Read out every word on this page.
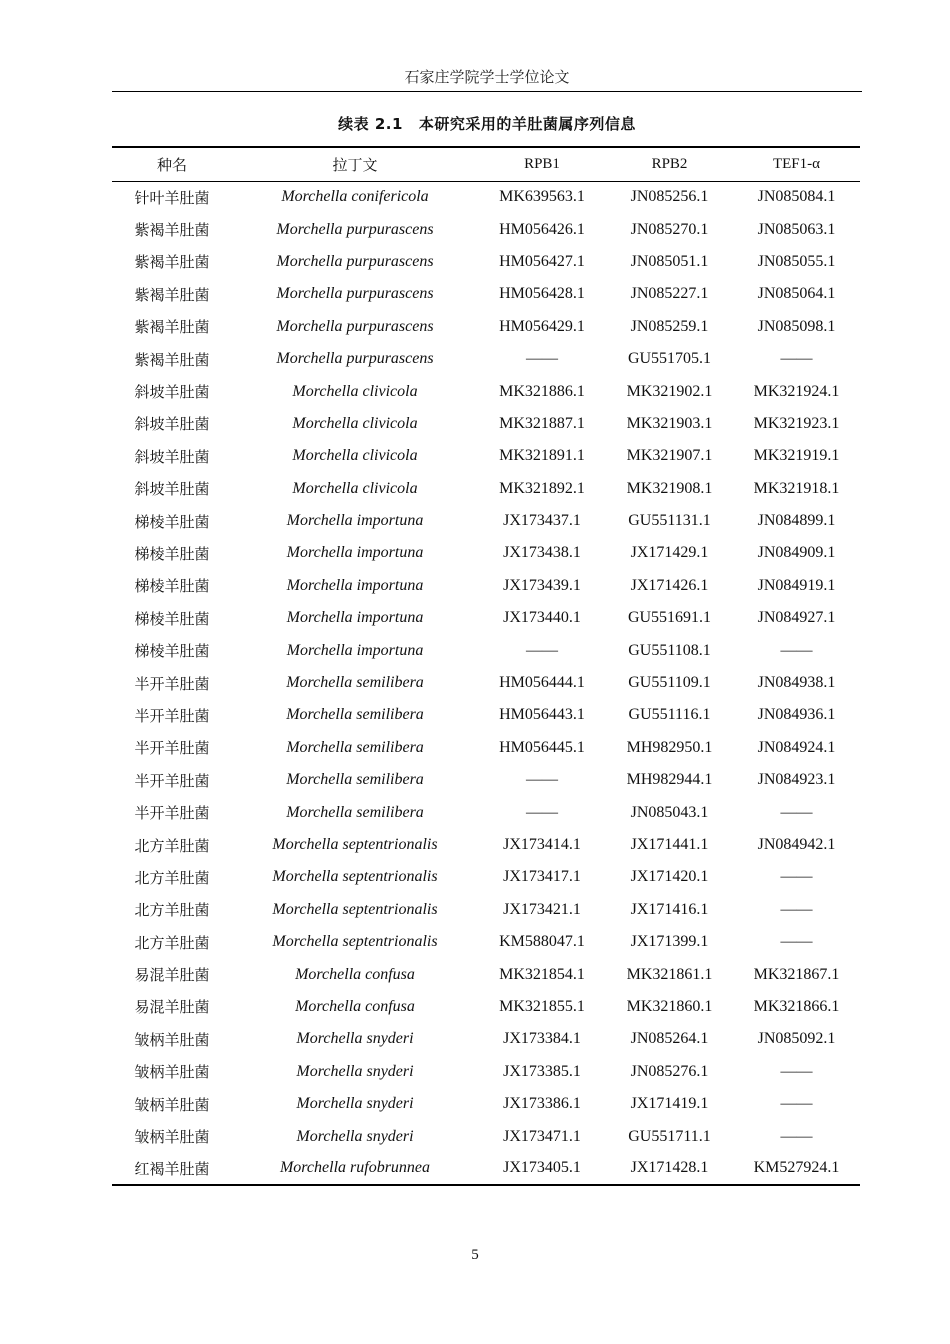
石家庄学院学士学位论文
续表 2.1 本研究采用的羊肚菌属序列信息
种名	拉丁文	RPB1	RPB2	TEF1-α
针叶羊肚菌	Morchella conifericola	MK639563.1	JN085256.1	JN085084.1
紫褐羊肚菌	Morchella purpurascens	HM056426.1	JN085270.1	JN085063.1
紫褐羊肚菌	Morchella purpurascens	HM056427.1	JN085051.1	JN085055.1
紫褐羊肚菌	Morchella purpurascens	HM056428.1	JN085227.1	JN085064.1
紫褐羊肚菌	Morchella purpurascens	HM056429.1	JN085259.1	JN085098.1
紫褐羊肚菌	Morchella purpurascens	——	GU551705.1	——
斜坡羊肚菌	Morchella clivicola	MK321886.1	MK321902.1	MK321924.1
斜坡羊肚菌	Morchella clivicola	MK321887.1	MK321903.1	MK321923.1
斜坡羊肚菌	Morchella clivicola	MK321891.1	MK321907.1	MK321919.1
斜坡羊肚菌	Morchella clivicola	MK321892.1	MK321908.1	MK321918.1
梯棱羊肚菌	Morchella importuna	JX173437.1	GU551131.1	JN084899.1
梯棱羊肚菌	Morchella importuna	JX173438.1	JX171429.1	JN084909.1
梯棱羊肚菌	Morchella importuna	JX173439.1	JX171426.1	JN084919.1
梯棱羊肚菌	Morchella importuna	JX173440.1	GU551691.1	JN084927.1
梯棱羊肚菌	Morchella importuna	——	GU551108.1	——
半开羊肚菌	Morchella semilibera	HM056444.1	GU551109.1	JN084938.1
半开羊肚菌	Morchella semilibera	HM056443.1	GU551116.1	JN084936.1
半开羊肚菌	Morchella semilibera	HM056445.1	MH982950.1	JN084924.1
半开羊肚菌	Morchella semilibera	——	MH982944.1	JN084923.1
半开羊肚菌	Morchella semilibera	——	JN085043.1	——
北方羊肚菌	Morchella septentrionalis	JX173414.1	JX171441.1	JN084942.1
北方羊肚菌	Morchella septentrionalis	JX173417.1	JX171420.1	——
北方羊肚菌	Morchella septentrionalis	JX173421.1	JX171416.1	——
北方羊肚菌	Morchella septentrionalis	KM588047.1	JX171399.1	——
易混羊肚菌	Morchella confusa	MK321854.1	MK321861.1	MK321867.1
易混羊肚菌	Morchella confusa	MK321855.1	MK321860.1	MK321866.1
皱柄羊肚菌	Morchella snyderi	JX173384.1	JN085264.1	JN085092.1
皱柄羊肚菌	Morchella snyderi	JX173385.1	JN085276.1	——
皱柄羊肚菌	Morchella snyderi	JX173386.1	JX171419.1	——
皱柄羊肚菌	Morchella snyderi	JX173471.1	GU551711.1	——
红褐羊肚菌	Morchella rufobrunnea	JX173405.1	JX171428.1	KM527924.1
5
